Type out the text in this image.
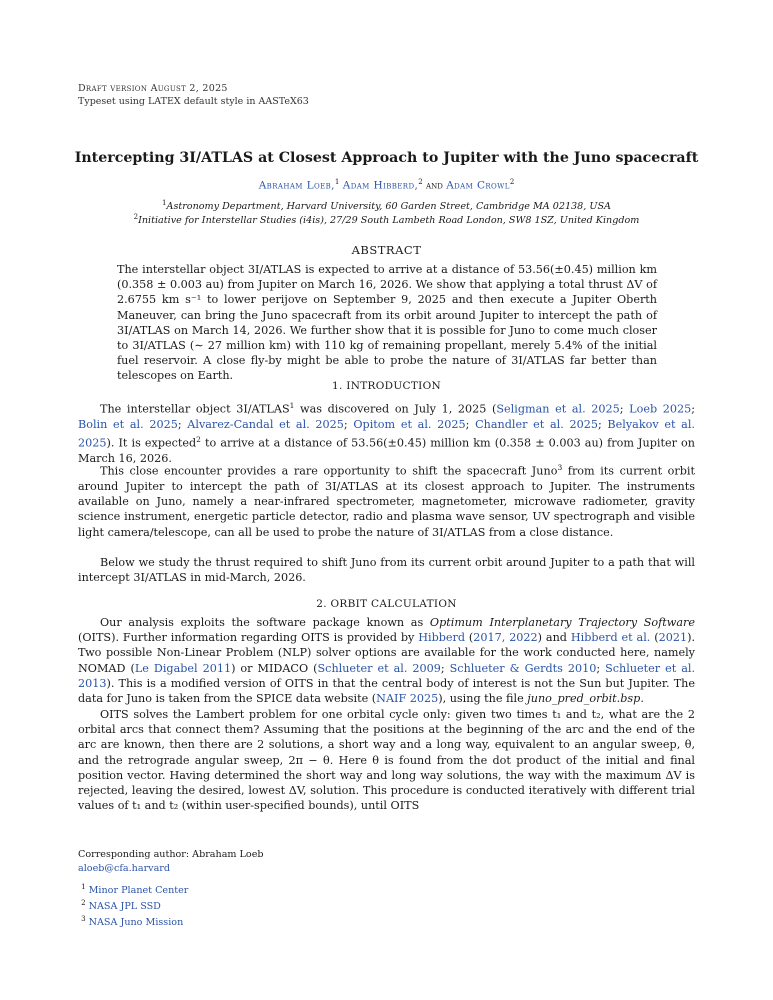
Draft version August 2, 2025
Typeset using LATEX default style in AASTeX63
Intercepting 3I/ATLAS at Closest Approach to Jupiter with the Juno spacecraft
Abraham Loeb,$^1$ Adam Hibberd,$^2$ and Adam Crowl$^2$
$^1$Astronomy Department, Harvard University, 60 Garden Street, Cambridge MA 02138, USA
$^2$Initiative for Interstellar Studies (i4is), 27/29 South Lambeth Road London, SW8 1SZ, United Kingdom
ABSTRACT

The interstellar object 3I/ATLAS is expected to arrive at a distance of 53.56(±0.45) million km (0.358 ± 0.003 au) from Jupiter on March 16, 2026. We show that applying a total thrust ΔV of 2.6755 km s⁻¹ to lower perijove on September 9, 2025 and then execute a Jupiter Oberth Maneuver, can bring the Juno spacecraft from its orbit around Jupiter to intercept the path of 3I/ATLAS on March 14, 2026. We further show that it is possible for Juno to come much closer to 3I/ATLAS (∼ 27 million km) with 110 kg of remaining propellant, merely 5.4% of the initial fuel reservoir. A close fly-by might be able to probe the nature of 3I/ATLAS far better than telescopes on Earth.

1. INTRODUCTION
The interstellar object 3I/ATLAS$^1$ was discovered on July 1, 2025 (Seligman et al. 2025; Loeb 2025; Bolin et al. 2025; Alvarez-Candal et al. 2025; Opitom et al. 2025; Chandler et al. 2025; Belyakov et al. 2025). It is expected$^2$ to arrive at a distance of 53.56(±0.45) million km (0.358 ± 0.003 au) from Jupiter on March 16, 2026.
This close encounter provides a rare opportunity to shift the spacecraft Juno$^3$ from its current orbit around Jupiter to intercept the path of 3I/ATLAS at its closest approach to Jupiter. The instruments available on Juno, namely a near-infrared spectrometer, magnetometer, microwave radiometer, gravity science instrument, energetic particle detector, radio and plasma wave sensor, UV spectrograph and visible light camera/telescope, can all be used to probe the nature of 3I/ATLAS from a close distance.
Below we study the thrust required to shift Juno from its current orbit around Jupiter to a path that will intercept 3I/ATLAS in mid-March, 2026.
2. ORBIT CALCULATION
Our analysis exploits the software package known as Optimum Interplanetary Trajectory Software (OITS). Further information regarding OITS is provided by Hibberd (2017, 2022) and Hibberd et al. (2021). Two possible Non-Linear Problem (NLP) solver options are available for the work conducted here, namely NOMAD (Le Digabel 2011) or MIDACO (Schlueter et al. 2009; Schlueter & Gerdts 2010; Schlueter et al. 2013). This is a modified version of OITS in that the central body of interest is not the Sun but Jupiter. The data for Juno is taken from the SPICE data website (NAIF 2025), using the file juno_pred_orbit.bsp.
OITS solves the Lambert problem for one orbital cycle only: given two times t₁ and t₂, what are the 2 orbital arcs that connect them? Assuming that the positions at the beginning of the arc and the end of the arc are known, then there are 2 solutions, a short way and a long way, equivalent to an angular sweep, θ, and the retrograde angular sweep, 2π − θ. Here θ is found from the dot product of the initial and final position vector. Having determined the short way and long way solutions, the way with the maximum ΔV is rejected, leaving the desired, lowest ΔV, solution. This procedure is conducted iteratively with different trial values of t₁ and t₂ (within user-specified bounds), until OITS
Corresponding author: Abraham Loeb
aloeb@cfa.harvard
$^1$ Minor Planet Center
$^2$ NASA JPL SSD
$^3$ NASA Juno Mission
